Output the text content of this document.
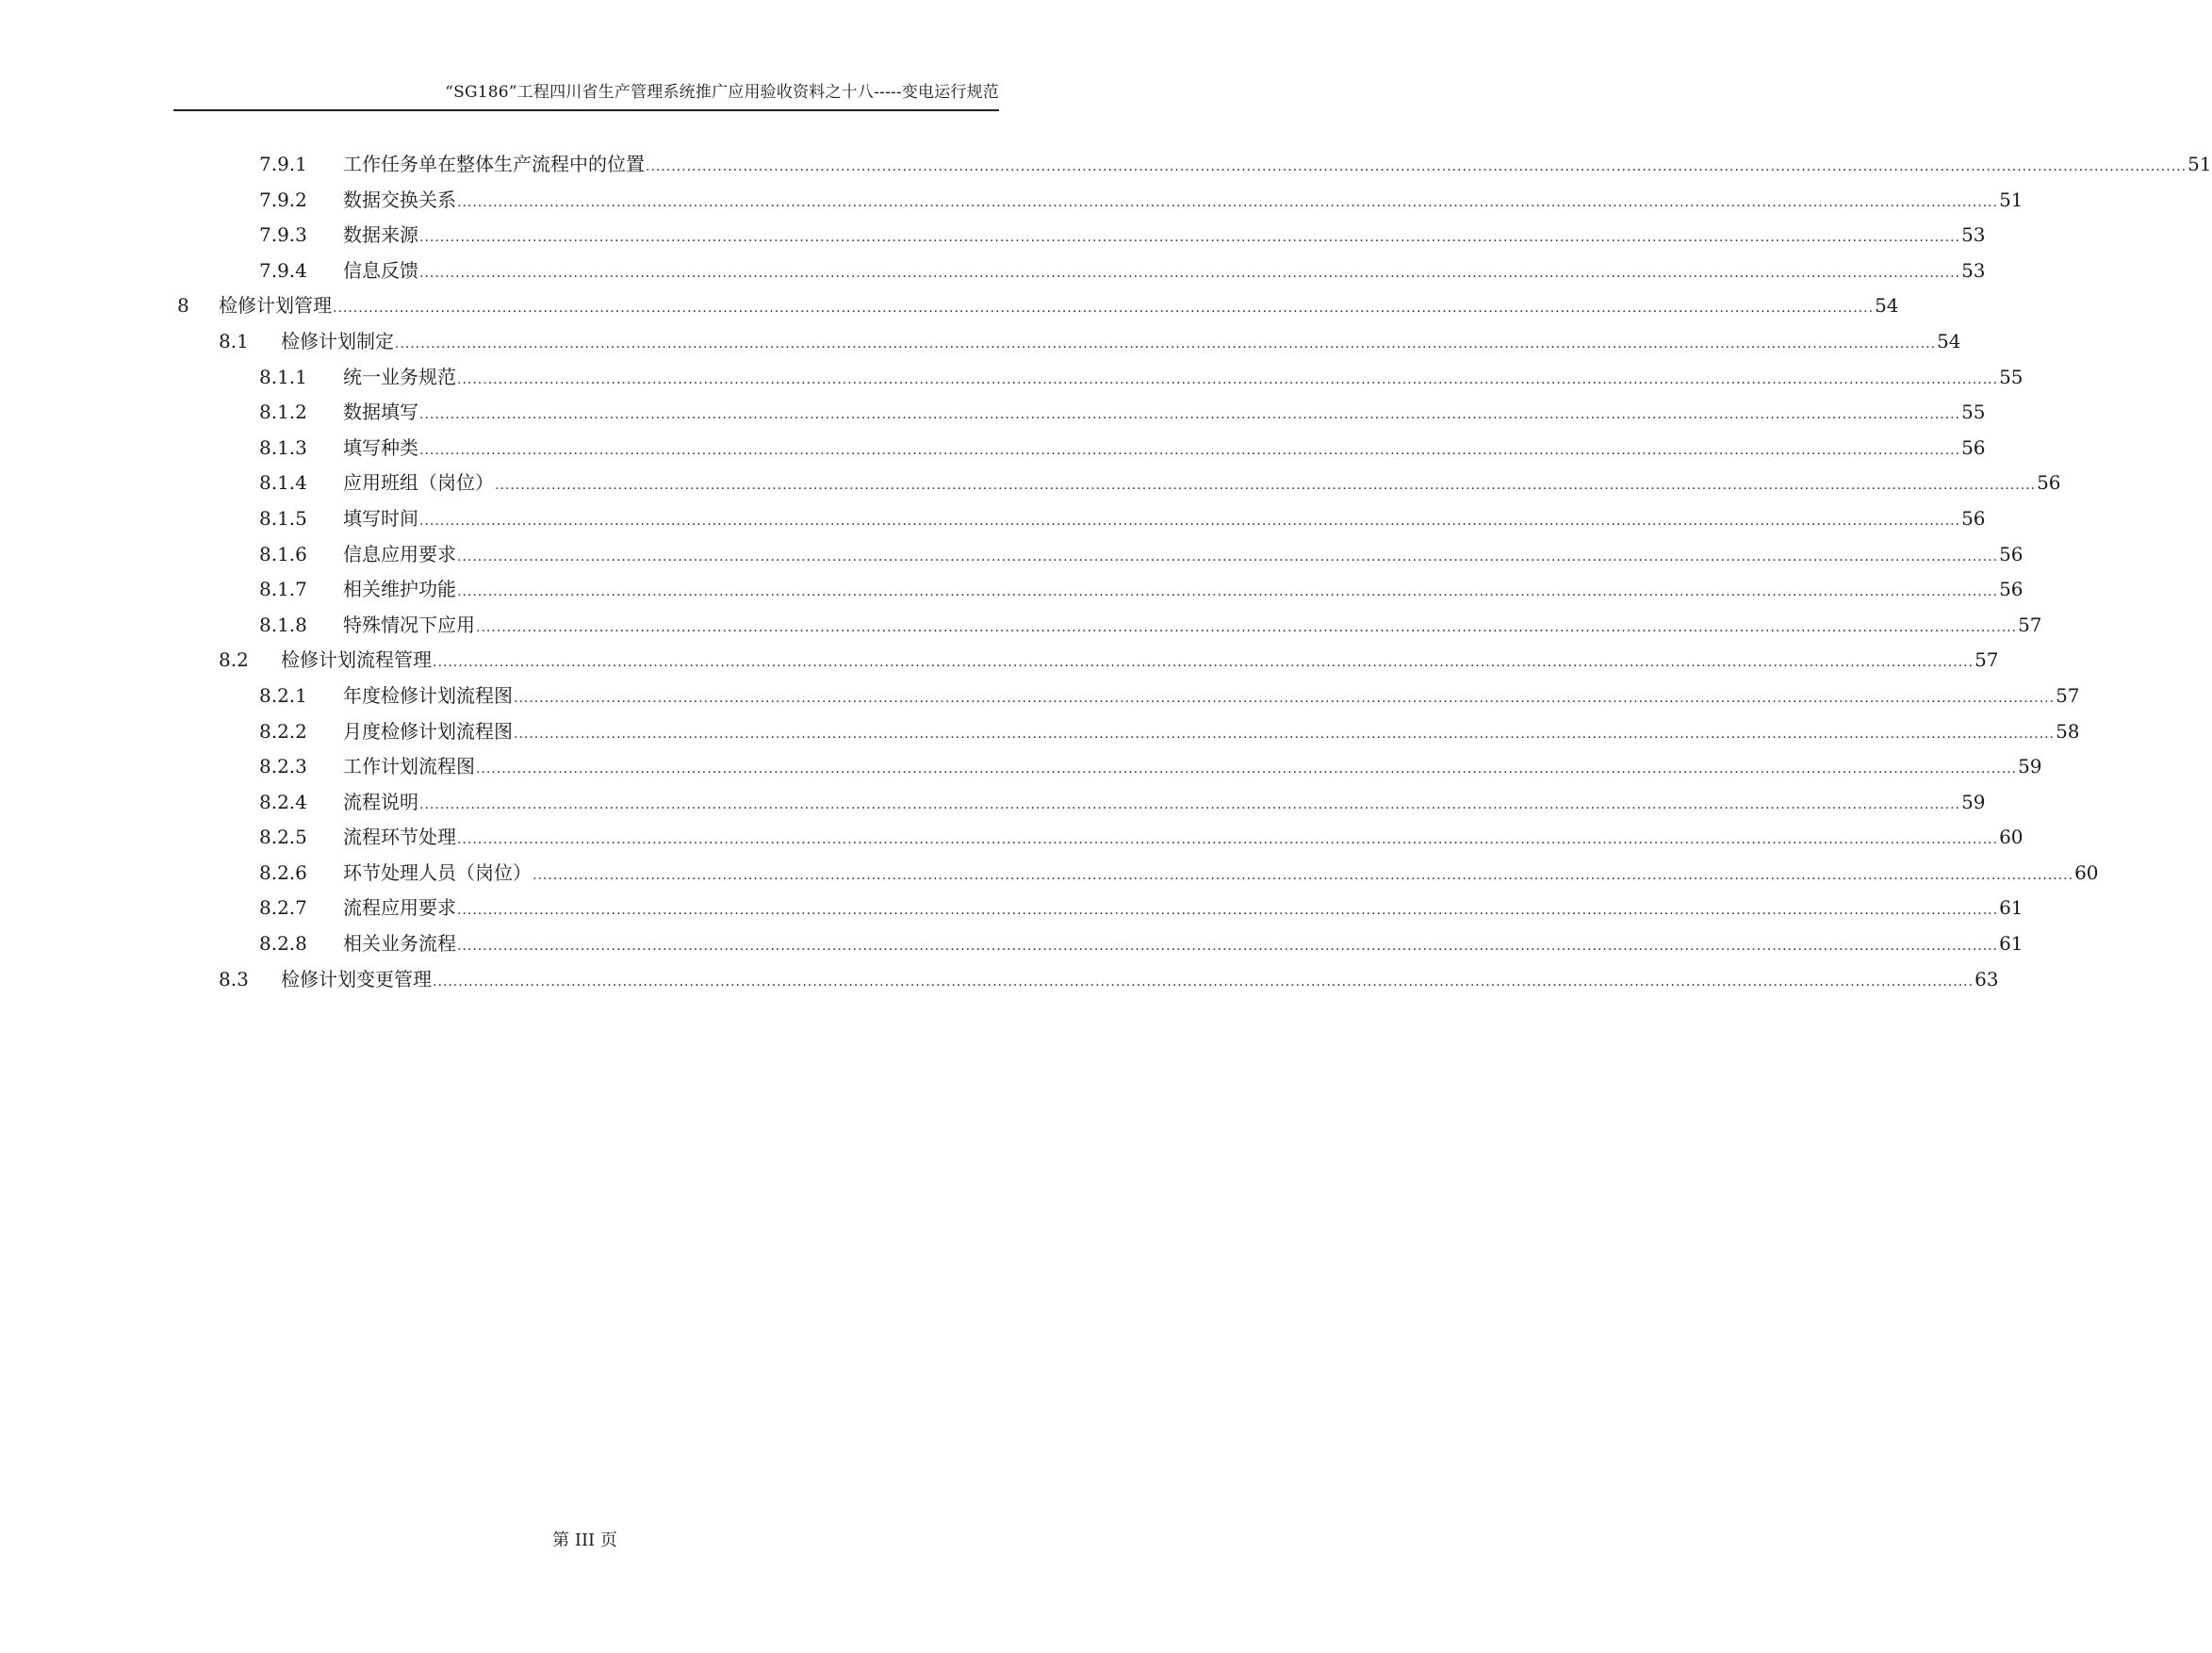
“SG186”工程四川省生产管理系统推广应用验收资料之十八-----变电运行规范
7.9.1 工作任务单在整体生产流程中的位置 ............................................................................................................................................................................................................................................................................................................ 51
7.9.2 数据交换关系 ............................................................................................................................................................................................................................................................................................................ 51
7.9.3 数据来源 ............................................................................................................................................................................................................................................................................................................ 53
7.9.4 信息反馈 ............................................................................................................................................................................................................................................................................................................ 53
8 检修计划管理 ............................................................................................................................................................................................................................................................................................................ 54
8.1 检修计划制定 ............................................................................................................................................................................................................................................................................................................ 54
8.1.1 统一业务规范 ............................................................................................................................................................................................................................................................................................................ 55
8.1.2 数据填写 ............................................................................................................................................................................................................................................................................................................ 55
8.1.3 填写种类 ............................................................................................................................................................................................................................................................................................................ 56
8.1.4 应用班组（岗位） ............................................................................................................................................................................................................................................................................................................ 56
8.1.5 填写时间 ............................................................................................................................................................................................................................................................................................................ 56
8.1.6 信息应用要求 ............................................................................................................................................................................................................................................................................................................ 56
8.1.7 相关维护功能 ............................................................................................................................................................................................................................................................................................................ 56
8.1.8 特殊情况下应用 ............................................................................................................................................................................................................................................................................................................ 57
8.2 检修计划流程管理 ............................................................................................................................................................................................................................................................................................................ 57
8.2.1 年度检修计划流程图 ............................................................................................................................................................................................................................................................................................................ 57
8.2.2 月度检修计划流程图 ............................................................................................................................................................................................................................................................................................................ 58
8.2.3 工作计划流程图 ............................................................................................................................................................................................................................................................................................................ 59
8.2.4 流程说明 ............................................................................................................................................................................................................................................................................................................ 59
8.2.5 流程环节处理 ............................................................................................................................................................................................................................................................................................................ 60
8.2.6 环节处理人员（岗位） ............................................................................................................................................................................................................................................................................................................ 60
8.2.7 流程应用要求 ............................................................................................................................................................................................................................................................................................................ 61
8.2.8 相关业务流程 ............................................................................................................................................................................................................................................................................................................ 61
8.3 检修计划变更管理 ............................................................................................................................................................................................................................................................................................................ 63
第 III 页
